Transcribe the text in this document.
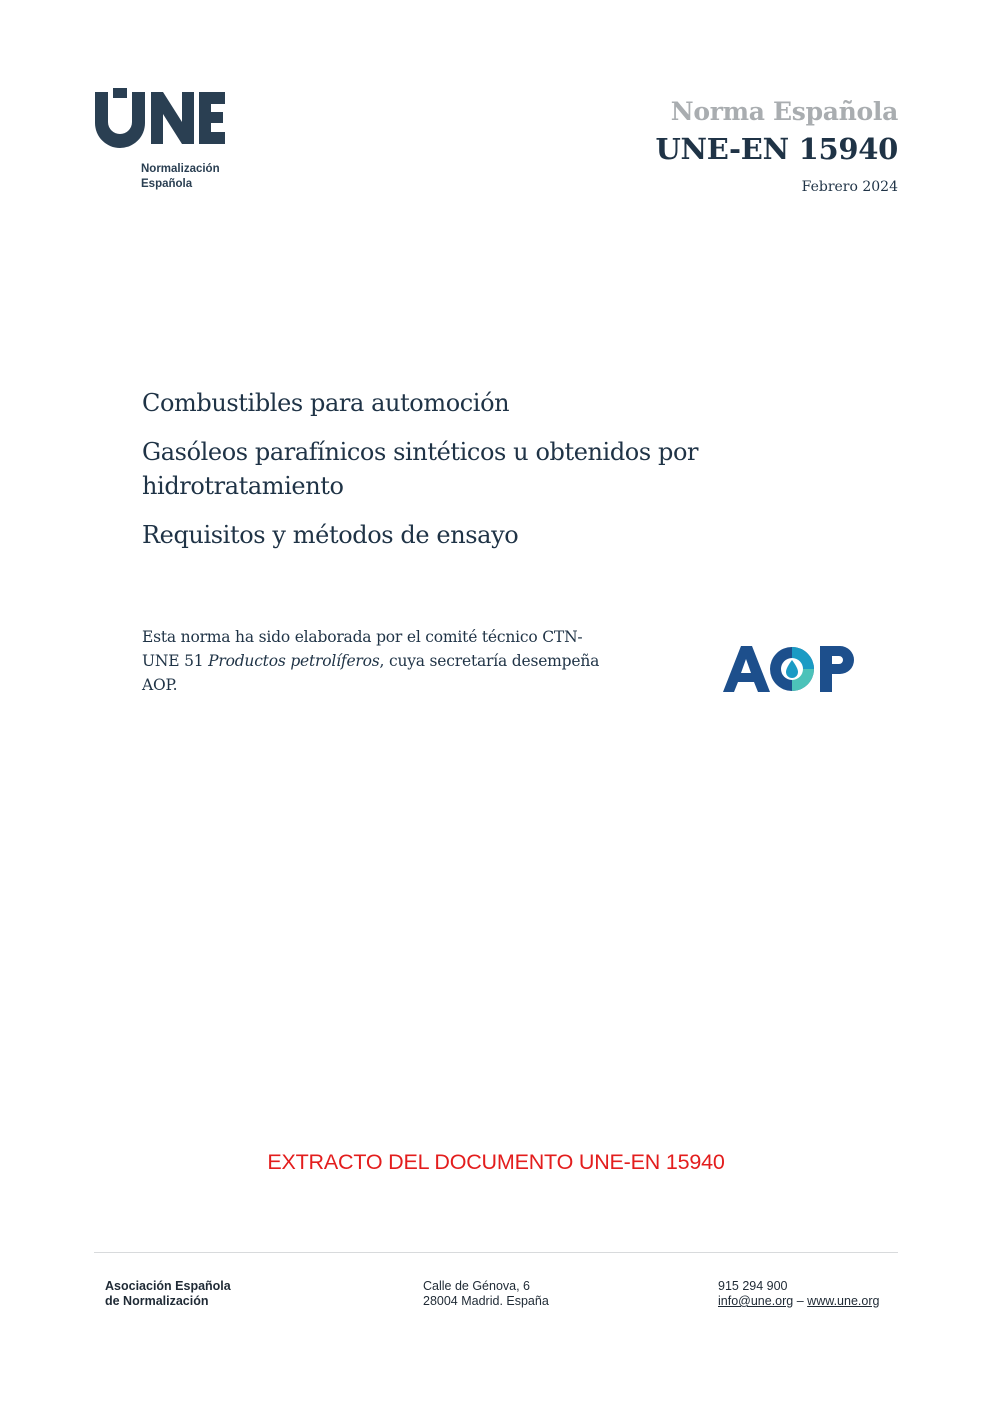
Normalización
Española
Norma Española
UNE-EN 15940
Febrero 2024

Combustibles para automoción

Gasóleos parafínicos sintéticos u obtenidos por hidrotratamiento

Requisitos y métodos de ensayo

Esta norma ha sido elaborada por el comité técnico CTN-UNE 51 Productos petrolíferos, cuya secretaría desempeña AOP.
EXTRACTO DEL DOCUMENTO UNE-EN 15940
Asociación Española
de Normalización
Calle de Génova, 6
28004 Madrid. España
915 294 900
info@une.org – www.une.org
